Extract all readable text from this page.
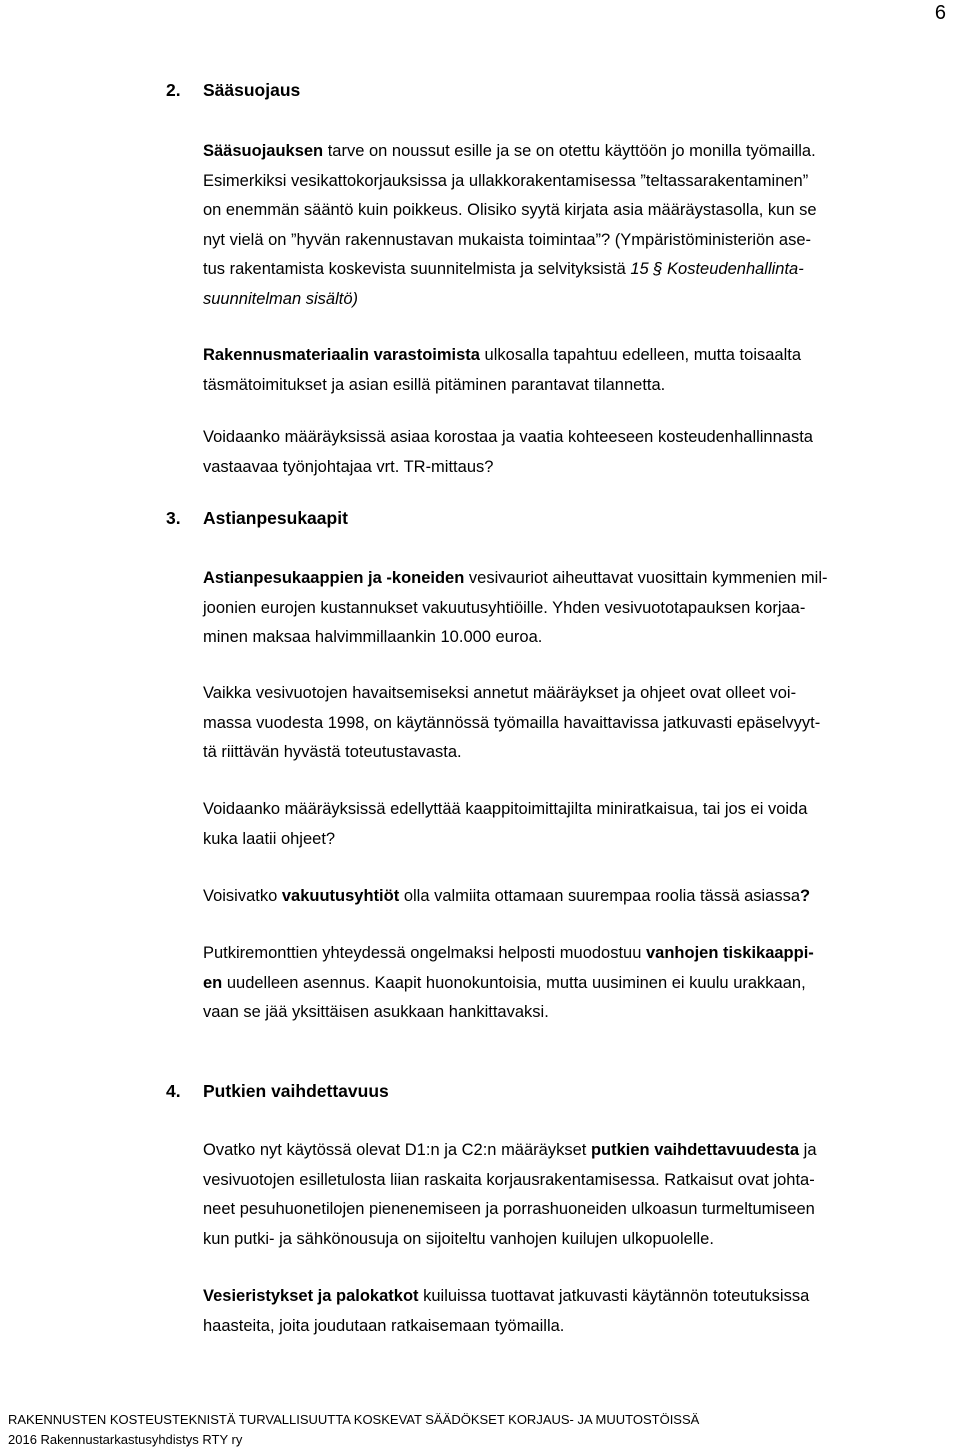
6
2. Sääsuojaus

Sääsuojauksen tarve on noussut esille ja se on otettu käyttöön jo monilla työmailla.

Esimerkiksi vesikattokorjauksissa ja ullakkorakentamisessa ”teltassarakentaminen”

on enemmän sääntö kuin poikkeus. Olisiko syytä kirjata asia määräystasolla, kun se

nyt vielä on ”hyvän rakennustavan mukaista toimintaa”? (Ympäristöministeriön ase-

tus rakentamista koskevista suunnitelmista ja selvityksistä 15 § Kosteudenhallinta-

suunnitelman sisältö)

Rakennusmateriaalin varastoimista ulkosalla tapahtuu edelleen, mutta toisaalta

täsmätoimitukset ja asian esillä pitäminen parantavat tilannetta.

Voidaanko määräyksissä asiaa korostaa ja vaatia kohteeseen kosteudenhallinnasta

vastaavaa työnjohtajaa vrt. TR-mittaus?

3. Astianpesukaapit

Astianpesukaappien ja -koneiden vesivauriot aiheuttavat vuosittain kymmenien mil-

joonien eurojen kustannukset vakuutusyhtiöille. Yhden vesivuototapauksen korjaa-

minen maksaa halvimmillaankin 10.000 euroa.

Vaikka vesivuotojen havaitsemiseksi annetut määräykset ja ohjeet ovat olleet voi-

massa vuodesta 1998, on käytännössä työmailla havaittavissa jatkuvasti epäselvyyt-

tä riittävän hyvästä toteutustavasta.

Voidaanko määräyksissä edellyttää kaappitoimittajilta miniratkaisua, tai jos ei voida

kuka laatii ohjeet?

Voisivatko vakuutusyhtiöt olla valmiita ottamaan suurempaa roolia tässä asiassa?

Putkiremonttien yhteydessä ongelmaksi helposti muodostuu vanhojen tiskikaappi-

en uudelleen asennus. Kaapit huonokuntoisia, mutta uusiminen ei kuulu urakkaan,

vaan se jää yksittäisen asukkaan hankittavaksi.

4. Putkien vaihdettavuus

Ovatko nyt käytössä olevat D1:n ja C2:n määräykset putkien vaihdettavuudesta ja

vesivuotojen esilletulosta liian raskaita korjausrakentamisessa. Ratkaisut ovat johta-

neet pesuhuonetilojen pienenemiseen ja porrashuoneiden ulkoasun turmeltumiseen

kun putki- ja sähkönousuja on sijoiteltu vanhojen kuilujen ulkopuolelle.

Vesieristykset ja palokatkot kuiluissa tuottavat jatkuvasti käytännön toteutuksissa

haasteita, joita joudutaan ratkaisemaan työmailla.

RAKENNUSTEN KOSTEUSTEKNISTÄ TURVALLISUUTTA KOSKEVAT SÄÄDÖKSET KORJAUS- JA MUUTOSTÖISSÄ
2016 Rakennustarkastusyhdistys RTY ry
